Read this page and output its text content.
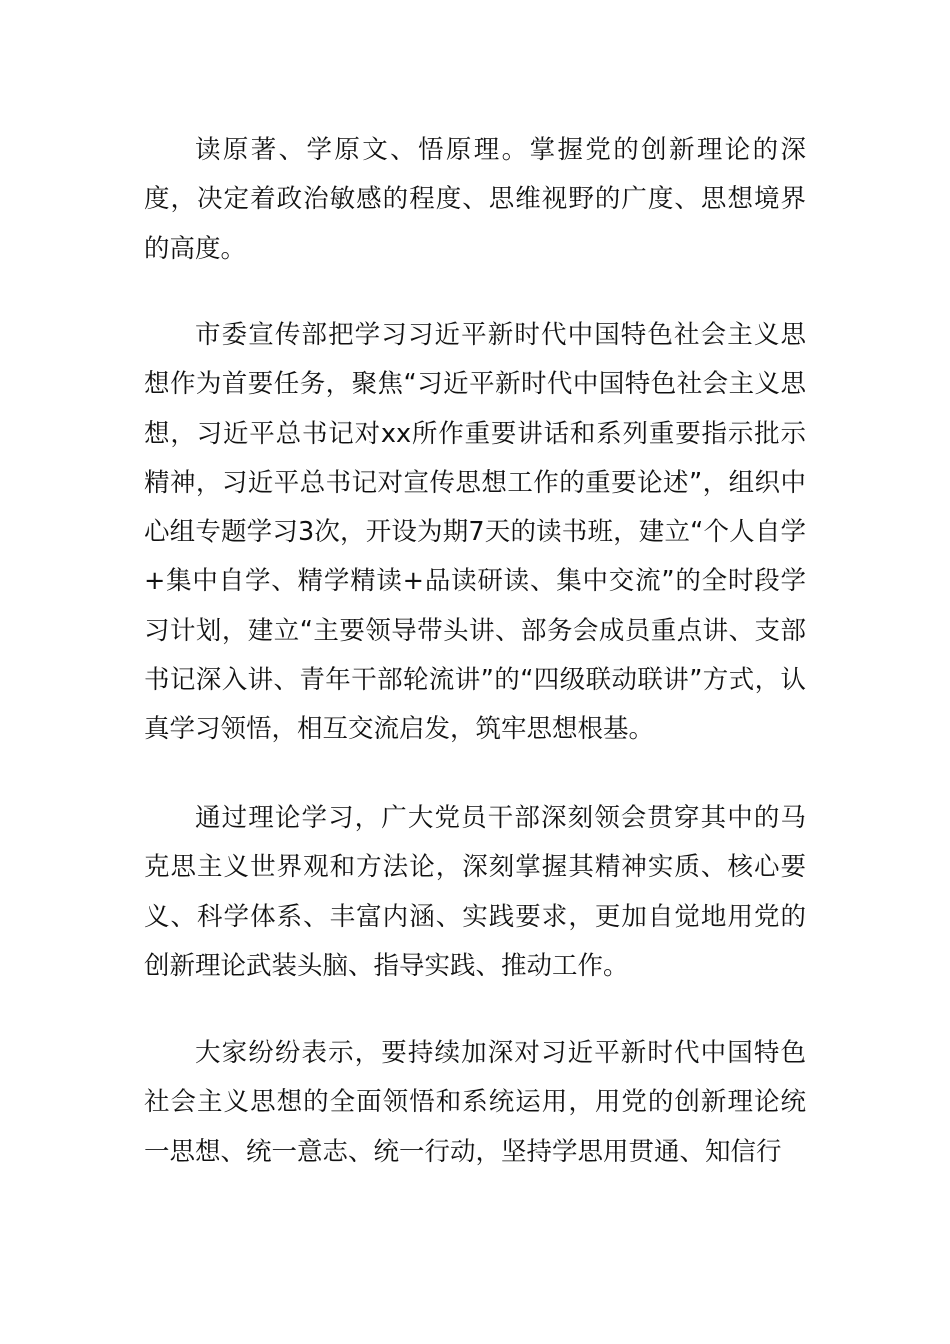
读原著、学原文、悟原理。掌握党的创新理论的深度，决定着政治敏感的程度、思维视野的广度、思想境界的高度。

市委宣传部把学习习近平新时代中国特色社会主义思想作为首要任务，聚焦“习近平新时代中国特色社会主义思想，习近平总书记对xx所作重要讲话和系列重要指示批示精神，习近平总书记对宣传思想工作的重要论述”，组织中心组专题学习3次，开设为期7天的读书班，建立“个人自学+集中自学、精学精读+品读研读、集中交流”的全时段学习计划，建立“主要领导带头讲、部务会成员重点讲、支部书记深入讲、青年干部轮流讲”的“四级联动联讲”方式，认真学习领悟，相互交流启发，筑牢思想根基。

通过理论学习，广大党员干部深刻领会贯穿其中的马克思主义世界观和方法论，深刻掌握其精神实质、核心要义、科学体系、丰富内涵、实践要求，更加自觉地用党的创新理论武装头脑、指导实践、推动工作。

大家纷纷表示，要持续加深对习近平新时代中国特色社会主义思想的全面领悟和系统运用，用党的创新理论统一思想、统一意志、统一行动，坚持学思用贯通、知信行
